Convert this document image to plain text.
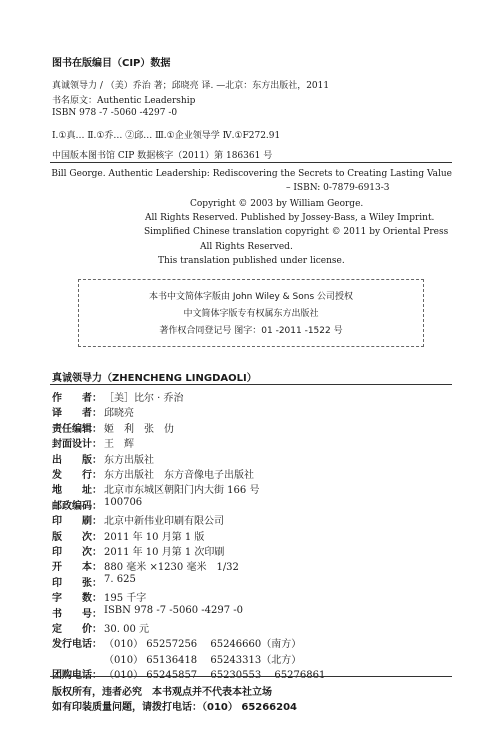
图书在版编目（CIP）数据
真诚领导力 / （美）乔治 著；邱晓亮 译. —北京：东方出版社，2011
书名原文：Authentic Leadership
ISBN 978 -7 -5060 -4297 -0
Ⅰ.①真… Ⅱ.①乔… ②邱… Ⅲ.①企业领导学 Ⅳ.①F272.91
中国版本图书馆 CIP 数据核字（2011）第 186361 号
Bill George. Authentic Leadership: Rediscovering the Secrets to Creating Lasting Value
– ISBN: 0-7879-6913-3
Copyright © 2003 by William George.
All Rights Reserved. Published by Jossey-Bass, a Wiley Imprint.
Simplified Chinese translation copyright © 2011 by Oriental Press
All Rights Reserved.
This translation published under license.
本书中文简体字版由 John Wiley & Sons 公司授权
中文简体字版专有权属东方出版社
著作权合同登记号 图字：01 -2011 -1522 号
真诚领导力（ZHENCHENG LINGDAOLI）
作　　者： ［美］比尔 · 乔治
译　　者： 邱晓亮
责任编辑： 姬　利　张　仂
封面设计： 王　辉
出　　版： 东方出版社
发　　行： 东方出版社　东方音像电子出版社
地　　址： 北京市东城区朝阳门内大街 166 号
邮政编码： 100706
印　　刷： 北京中新伟业印刷有限公司
版　　次： 2011 年 10 月第 1 版
印　　次： 2011 年 10 月第 1 次印刷
开　　本： 880 毫米 ×1230 毫米　1/32
印　　张： 7. 625
字　　数： 195 千字
书　　号： ISBN 978 -7 -5060 -4297 -0
定　　价： 30. 00 元
发行电话： （010） 65257256　 65246660（南方）
（010） 65136418　 65243313（北方）
团购电话： （010） 65245857　 65230553　 65276861
版权所有，违者必究　本书观点并不代表本社立场
如有印装质量问题，请拨打电话：（010） 65266204
